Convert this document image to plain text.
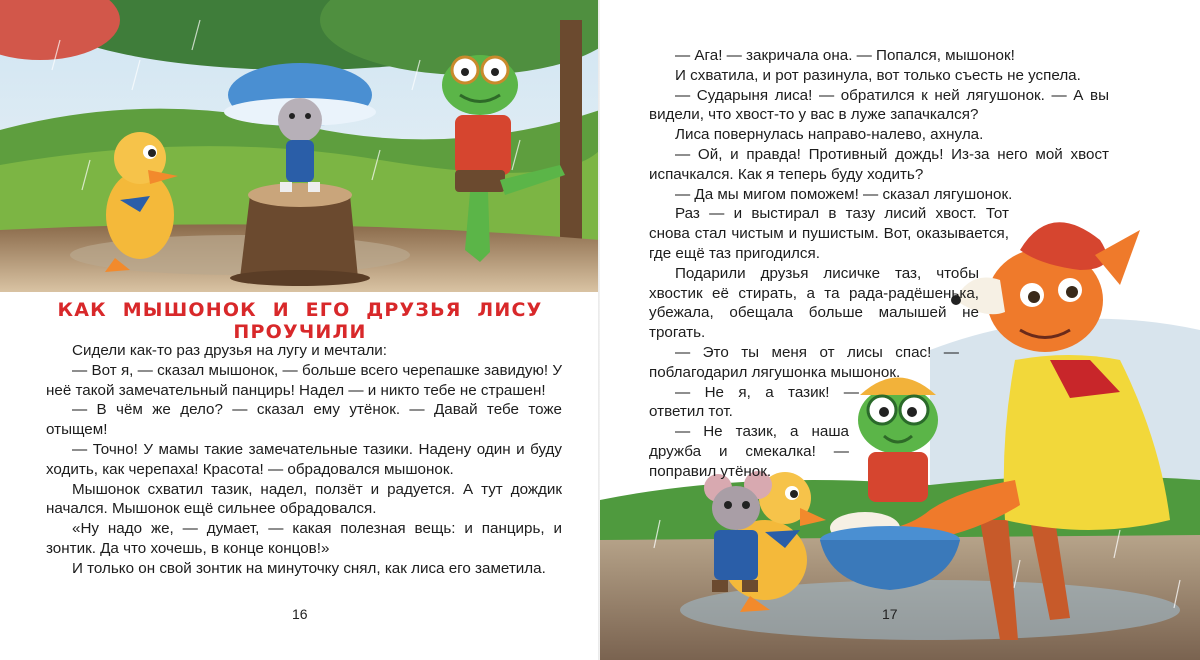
КАК МЫШОНОК И ЕГО ДРУЗЬЯ ЛИСУ ПРОУЧИЛИ

Сидели как-то раз друзья на лугу и мечтали:

— Вот я, — сказал мышонок, — больше всего черепашке завидую! У неё такой замечательный панцирь! Надел — и никто тебе не страшен!

— В чём же дело? — сказал ему утёнок. — Давай тебе тоже отыщем!

— Точно! У мамы такие замечательные тазики. Надену один и буду ходить, как черепаха! Красота! — обрадовался мышонок.

Мышонок схватил тазик, надел, ползёт и радуется. А тут дождик начался. Мышонок ещё сильнее обрадовался.

«Ну надо же, — думает, — какая полезная вещь: и панцирь, и зонтик. Да что хочешь, в конце концов!»

И только он свой зонтик на минуточку снял, как лиса его заметила.

16

— Ага! — закричала она. — Попался, мышонок!

И схватила, и рот разинула, вот только съесть не успела.

— Сударыня лиса! — обратился к ней лягушонок. — А вы видели, что хвост-то у вас в луже запачкался?

Лиса повернулась направо-налево, ахнула.

— Ой, и правда! Противный дождь! Из-за него мой хвост испачкался. Как я теперь буду ходить?

— Да мы мигом поможем! — сказал лягушонок.

Раз — и выстирал в тазу лисий хвост. Тот снова стал чистым и пушистым. Вот, оказывается, где ещё таз пригодился.

Подарили друзья лисичке таз, чтобы хвостик её стирать, а та рада-радёшенька, убежала, обещала больше малышей не трогать.

— Это ты меня от лисы спас! — поблагодарил лягушонка мышонок.

— Не я, а тазик! — ответил тот.

— Не тазик, а наша дружба и смекалка! — поправил утёнок.

17
